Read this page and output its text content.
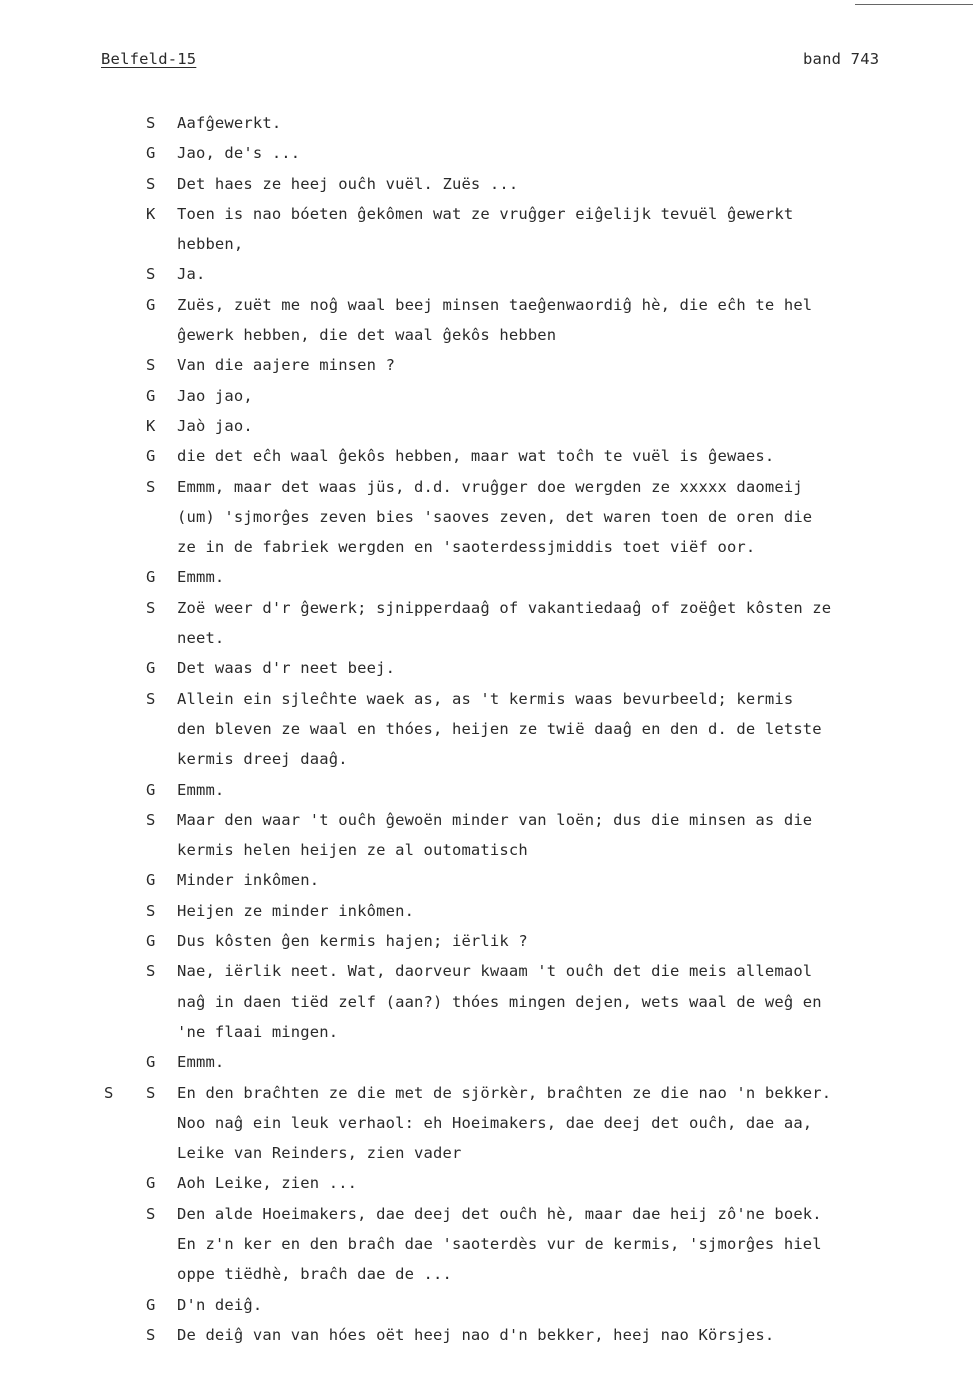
Belfeld-15	band 743
S Aafĝewerkt.
G Jao, de's ...
S Det haes ze heej ouĉh vuël. Zuës ...
K Toen is nao bóeten ĝekômen wat ze vruĝger eiĝelijk tevuël ĝewerkt
hebben,
S Ja.
G Zuës, zuët me noĝ waal beej minsen taeĝenwaordiĝ hè, die eĉh te hel
ĝewerk hebben, die det waal ĝekôs hebben
S Van die aajere minsen ?
G Jao jao,
K Jaò jao.
G die det eĉh waal ĝekôs hebben, maar wat toĉh te vuël is ĝewaes.
S Emmm, maar det waas jüs, d.d. vruĝger doe wergden ze xxxxx daomeij
(um) 'sjmorĝes zeven bies 'saoves zeven, det waren toen de oren die
ze in de fabriek wergden en 'saoterdessjmiddis toet viëf oor.
G Emmm.
S Zoë weer d'r ĝewerk; sjnipperdaaĝ of vakantiedaaĝ of zoëĝet kôsten ze
neet.
G Det waas d'r neet beej.
S Allein ein sjleĉhte waek as, as 't kermis waas bevurbeeld; kermis
den bleven ze waal en thóes, heijen ze twië daaĝ en den d. de letste
kermis dreej daaĝ.
G Emmm.
S Maar den waar 't ouĉh ĝewoën minder van loën; dus die minsen as die
kermis helen heijen ze al outomatisch
G Minder inkômen.
S Heijen ze minder inkômen.
G Dus kôsten ĝen kermis hajen; iërlik ?
S Nae, iërlik neet. Wat, daorveur kwaam 't ouĉh det die meis allemaol
naĝ in daen tiëd zelf (aan?) thóes mingen dejen, wets waal de weĝ en
'ne flaai mingen.
G Emmm.
S S En den braĉhten ze die met de sjörkèr, braĉhten ze die nao 'n bekker.
Noo naĝ ein leuk verhaol: eh Hoeimakers, dae deej det ouĉh, dae aa,
Leike van Reinders, zien vader
G Aoh Leike, zien ...
S Den alde Hoeimakers, dae deej det ouĉh hè, maar dae heij zô'ne boek.
En z'n ker en den braĉh dae 'saoterdès vur de kermis, 'sjmorĝes hiel
oppe tiëdhè, braĉh dae de ...
G D'n deiĝ.
S De deiĝ van van hóes oët heej nao d'n bekker, heej nao Körsjes.
